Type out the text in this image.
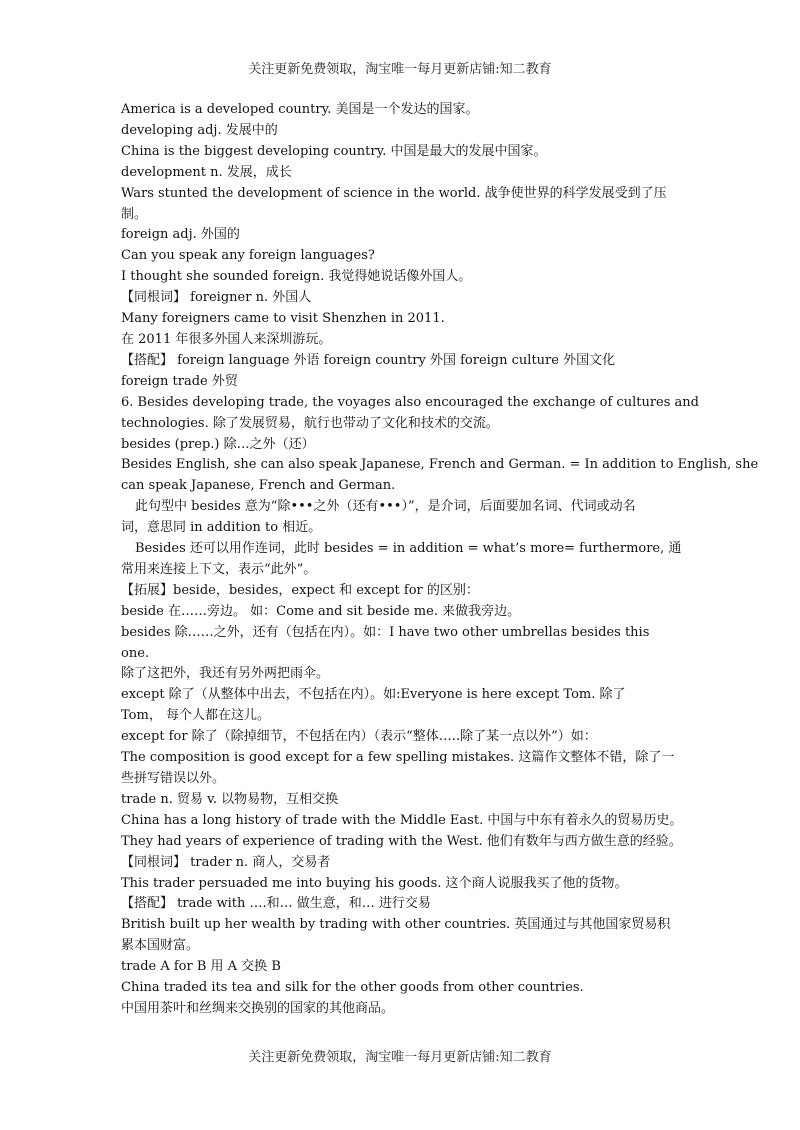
关注更新免费领取，淘宝唯一每月更新店铺:知二教育
America is a developed country. 美国是一个发达的国家。
developing adj. 发展中的
China is the biggest developing country. 中国是最大的发展中国家。
development n. 发展，成长
Wars stunted the development of science in the world. 战争使世界的科学发展受到了压
制。
foreign adj. 外国的
Can you speak any foreign languages?
I thought she sounded foreign. 我觉得她说话像外国人。
【同根词】 foreigner n. 外国人
Many foreigners came to visit Shenzhen in 2011.
在 2011 年很多外国人来深圳游玩。
【搭配】 foreign language 外语 foreign country 外国 foreign culture 外国文化
foreign trade 外贸
6. Besides developing trade, the voyages also encouraged the exchange of cultures and
technologies. 除了发展贸易，航行也带动了文化和技术的交流。
besides (prep.) 除…之外（还）
Besides English, she can also speak Japanese, French and German. = In addition to English, she
can speak Japanese, French and German.
此句型中 besides 意为“除•••之外（还有•••）”，是介词，后面要加名词、代词或动名
词，意思同 in addition to 相近。
Besides 还可以用作连词，此时 besides = in addition = what’s more= furthermore, 通
常用来连接上下文，表示“此外”。
【拓展】beside，besides，expect 和 except for 的区别：
beside 在……旁边。 如：Come and sit beside me. 来做我旁边。
besides 除……之外，还有（包括在内）。如：I have two other umbrellas besides this
one.
除了这把外，我还有另外两把雨伞。
except 除了（从整体中出去，不包括在内）。如:Everyone is here except Tom. 除了
Tom， 每个人都在这儿。
except for 除了（除掉细节，不包括在内）（表示“整体…..除了某一点以外”）如：
The composition is good except for a few spelling mistakes. 这篇作文整体不错，除了一
些拼写错误以外。
trade n. 贸易 v. 以物易物，互相交换
China has a long history of trade with the Middle East. 中国与中东有着永久的贸易历史。
They had years of experience of trading with the West. 他们有数年与西方做生意的经验。
【同根词】 trader n. 商人，交易者
This trader persuaded me into buying his goods. 这个商人说服我买了他的货物。
【搭配】 trade with ….和… 做生意，和… 进行交易
British built up her wealth by trading with other countries. 英国通过与其他国家贸易积
累本国财富。
trade A for B 用 A 交换 B
China traded its tea and silk for the other goods from other countries.
中国用茶叶和丝绸来交换别的国家的其他商品。
关注更新免费领取，淘宝唯一每月更新店铺:知二教育
